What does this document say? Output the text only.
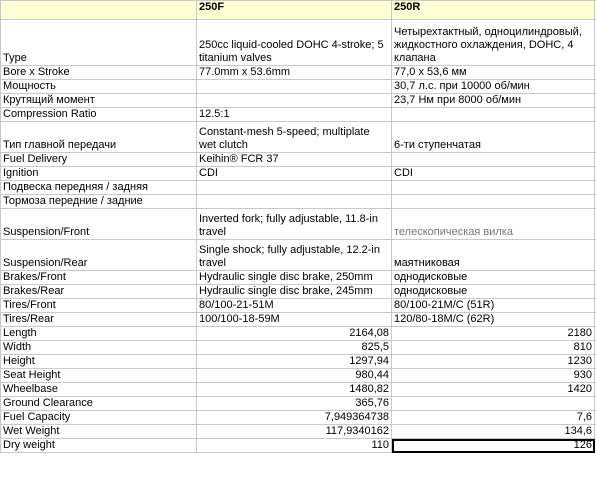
	250F	250R	
Type	250cc liquid-cooled DOHC 4-stroke; 5 titanium valves	Четырехтактный, одноцилиндровый, жидкостного охлаждения, DOHC, 4 клапана	
Bore x Stroke	77.0mm x 53.6mm	77,0 x 53,6 мм	
Мощность		30,7 л.с. при 10000 об/мин	
Крутящий момент		23,7 Нм при 8000 об/мин	
Compression Ratio	12.5:1		
Тип главной передачи	Constant-mesh 5-speed; multiplate wet clutch	6-ти ступенчатая	
Fuel Delivery	Keihin® FCR 37		
Ignition	CDI	CDI	
Подвеска передняя / задняя			
Тормоза передние / задние			
Suspension/Front	Inverted fork; fully adjustable, 11.8-in travel	телескопическая вилка	
Suspension/Rear	Single shock; fully adjustable, 12.2-in travel	маятниковая	
Brakes/Front	Hydraulic single disc brake, 250mm	однодисковые	
Brakes/Rear	Hydraulic single disc brake, 245mm	однодисковые	
Tires/Front	80/100-21-51M	80/100-21M/C (51R)	
Tires/Rear	100/100-18-59M	120/80-18M/C (62R)	
Length	2164,08	2180	
Width	825,5	810	
Height	1297,94	1230	
Seat Height	980,44	930	
Wheelbase	1480,82	1420	
Ground Clearance	365,76		
Fuel Capacity	7,949364738	7,6	
Wet Weight	117,9340162	134,6	
Dry weight	110	126	
